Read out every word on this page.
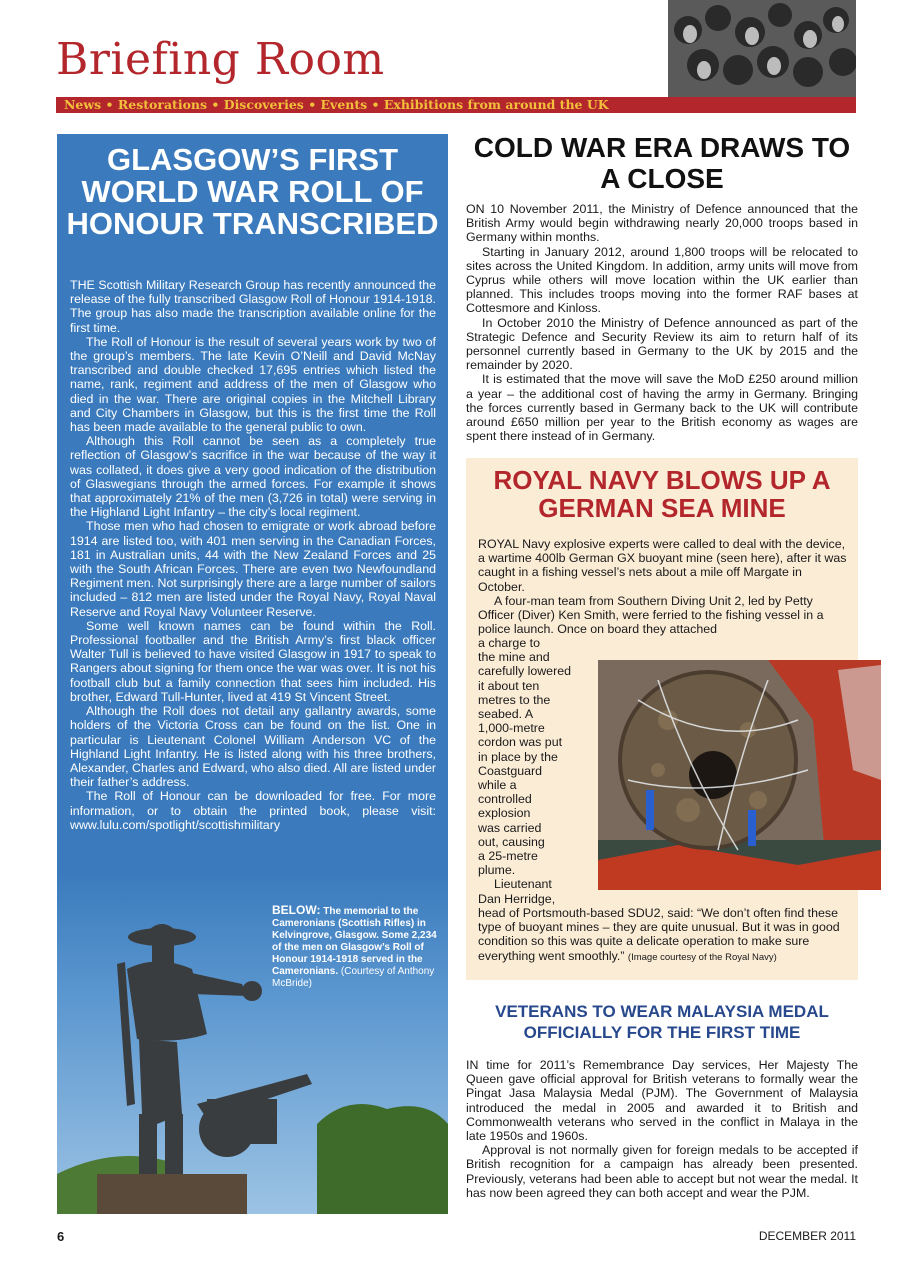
Briefing Room
News • Restorations • Discoveries • Events • Exhibitions from around the UK
GLASGOW’S FIRST WORLD WAR ROLL OF HONOUR TRANSCRIBED

THE Scottish Military Research Group has recently announced the release of the fully transcribed Glasgow Roll of Honour 1914-1918. The group has also made the transcription available online for the first time.

The Roll of Honour is the result of several years work by two of the group’s members. The late Kevin O’Neill and David McNay transcribed and double checked 17,695 entries which listed the name, rank, regiment and address of the men of Glasgow who died in the war. There are original copies in the Mitchell Library and City Chambers in Glasgow, but this is the first time the Roll has been made available to the general public to own.

Although this Roll cannot be seen as a completely true reflection of Glasgow’s sacrifice in the war because of the way it was collated, it does give a very good indication of the distribution of Glaswegians through the armed forces. For example it shows that approximately 21% of the men (3,726 in total) were serving in the Highland Light Infantry – the city’s local regiment.

Those men who had chosen to emigrate or work abroad before 1914 are listed too, with 401 men serving in the Canadian Forces, 181 in Australian units, 44 with the New Zealand Forces and 25 with the South African Forces. There are even two Newfoundland Regiment men. Not surprisingly there are a large number of sailors included – 812 men are listed under the Royal Navy, Royal Naval Reserve and Royal Navy Volunteer Reserve.

Some well known names can be found within the Roll. Professional footballer and the British Army’s first black officer Walter Tull is believed to have visited Glasgow in 1917 to speak to Rangers about signing for them once the war was over. It is not his football club but a family connection that sees him included. His brother, Edward Tull-Hunter, lived at 419 St Vincent Street.

Although the Roll does not detail any gallantry awards, some holders of the Victoria Cross can be found on the list. One in particular is Lieutenant Colonel William Anderson VC of the Highland Light Infantry. He is listed along with his three brothers, Alexander, Charles and Edward, who also died. All are listed under their father’s address.

The Roll of Honour can be downloaded for free. For more information, or to obtain the printed book, please visit: www.lulu.com/spotlight/scottishmilitary

BELOW: The memorial to the Cameronians (Scottish Rifles) in Kelvingrove, Glasgow. Some 2,234 of the men on Glasgow’s Roll of Honour 1914-1918 served in the Cameronians. (Courtesy of Anthony McBride)
COLD WAR ERA DRAWS TO A CLOSE

ON 10 November 2011, the Ministry of Defence announced that the British Army would begin withdrawing nearly 20,000 troops based in Germany within months.

Starting in January 2012, around 1,800 troops will be relocated to sites across the United Kingdom. In addition, army units will move from Cyprus while others will move location within the UK earlier than planned. This includes troops moving into the former RAF bases at Cottesmore and Kinloss.

In October 2010 the Ministry of Defence announced as part of the Strategic Defence and Security Review its aim to return half of its personnel currently based in Germany to the UK by 2015 and the remainder by 2020.

It is estimated that the move will save the MoD £250 around million a year – the additional cost of having the army in Germany. Bringing the forces currently based in Germany back to the UK will contribute around £650 million per year to the British economy as wages are spent there instead of in Germany.

ROYAL NAVY BLOWS UP A GERMAN SEA MINE

ROYAL Navy explosive experts were called to deal with the device, a wartime 400lb German GX buoyant mine (seen here), after it was caught in a fishing vessel’s nets about a mile off Margate in October.

A four-man team from Southern Diving Unit 2, led by Petty Officer (Diver) Ken Smith, were ferried to the fishing vessel in a police launch. Once on board they attached

a charge to

the mine and

carefully lowered

it about ten

metres to the

seabed. A

1,000-metre

cordon was put

in place by the

Coastguard

while a

controlled

explosion

was carried

out, causing

a 25-metre

plume.

Lieutenant

Dan Herridge,

head of Portsmouth-based SDU2, said: “We don’t often find these type of buoyant mines – they are quite unusual. But it was in good condition so this was quite a delicate operation to make sure everything went smoothly.” (Image courtesy of the Royal Navy)

VETERANS TO WEAR MALAYSIA MEDAL OFFICIALLY FOR THE FIRST TIME

IN time for 2011’s Remembrance Day services, Her Majesty The Queen gave official approval for British veterans to formally wear the Pingat Jasa Malaysia Medal (PJM). The Government of Malaysia introduced the medal in 2005 and awarded it to British and Commonwealth veterans who served in the conflict in Malaya in the late 1950s and 1960s.

Approval is not normally given for foreign medals to be accepted if British recognition for a campaign has already been presented. Previously, veterans had been able to accept but not wear the medal. It has now been agreed they can both accept and wear the PJM.

6	DECEMBER 2011
